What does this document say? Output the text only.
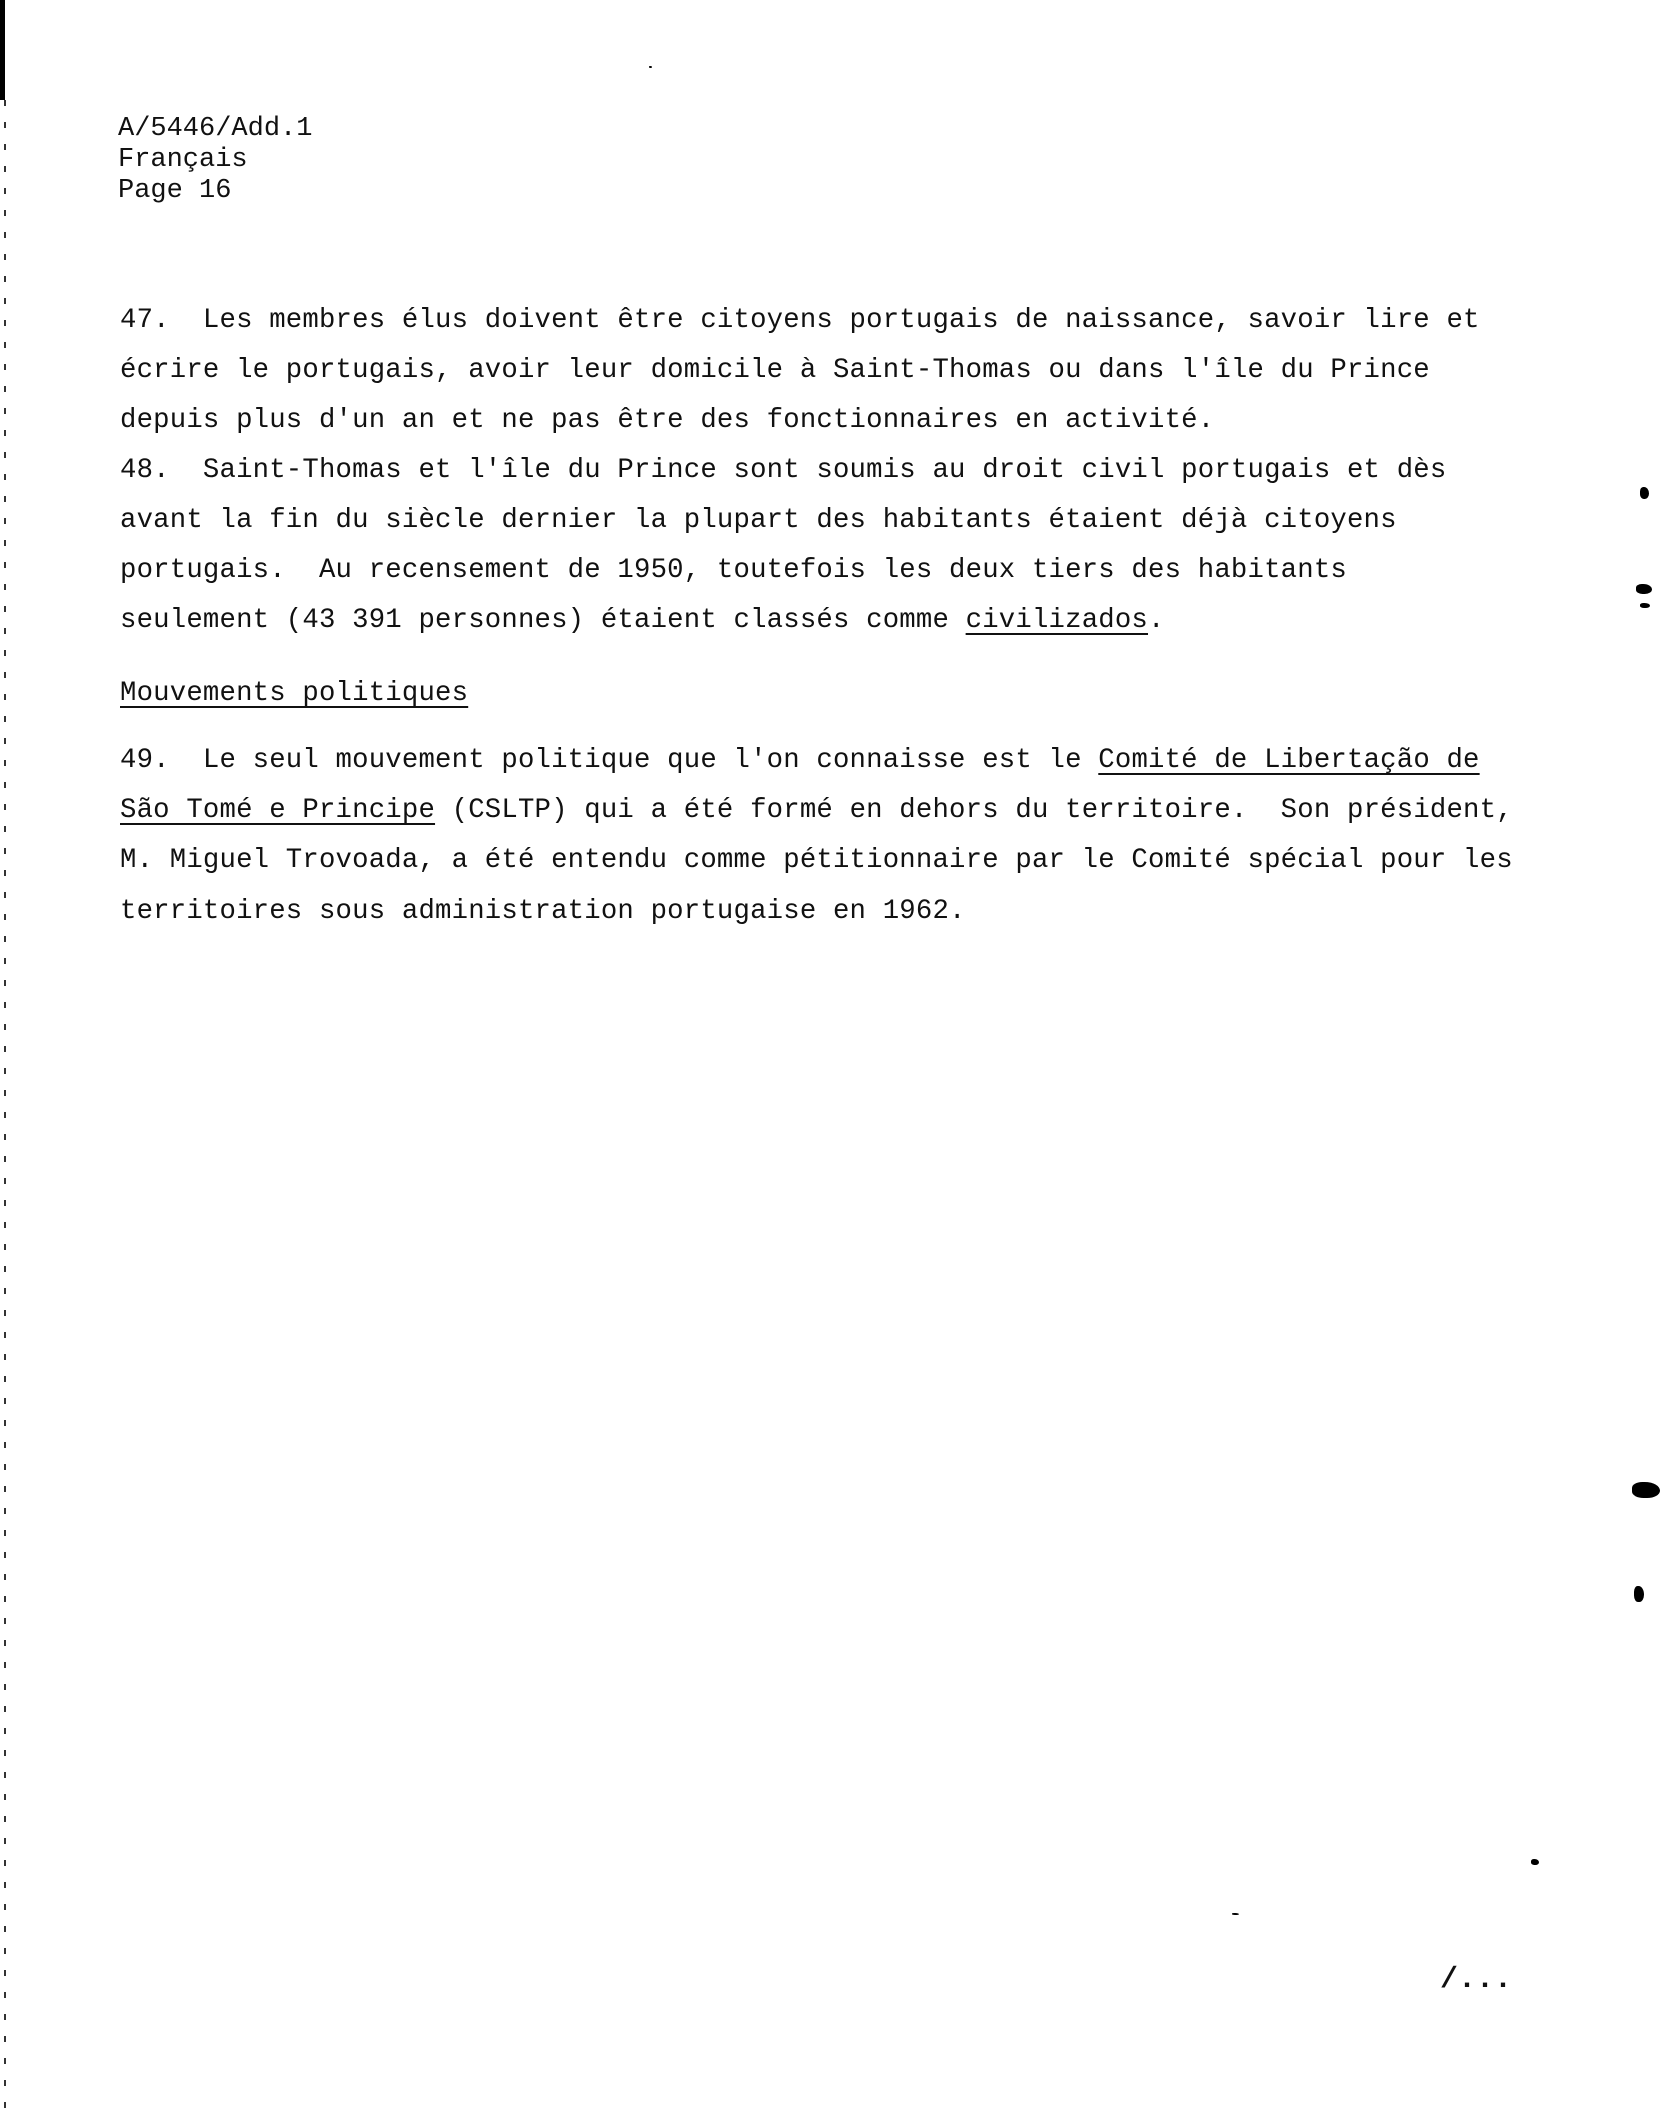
A/5446/Add.1
Français
Page 16
47.  Les membres élus doivent être citoyens portugais de naissance, savoir lire et
écrire le portugais, avoir leur domicile à Saint-Thomas ou dans l'île du Prince
depuis plus d'un an et ne pas être des fonctionnaires en activité.
48.  Saint-Thomas et l'île du Prince sont soumis au droit civil portugais et dès
avant la fin du siècle dernier la plupart des habitants étaient déjà citoyens
portugais.  Au recensement de 1950, toutefois les deux tiers des habitants
seulement (43 391 personnes) étaient classés comme civilizados.
Mouvements politiques
49.  Le seul mouvement politique que l'on connaisse est le Comité de Libertação de
São Tomé e Principe (CSLTP) qui a été formé en dehors du territoire.  Son président,
M. Miguel Trovoada, a été entendu comme pétitionnaire par le Comité spécial pour les
territoires sous administration portugaise en 1962.
/...
